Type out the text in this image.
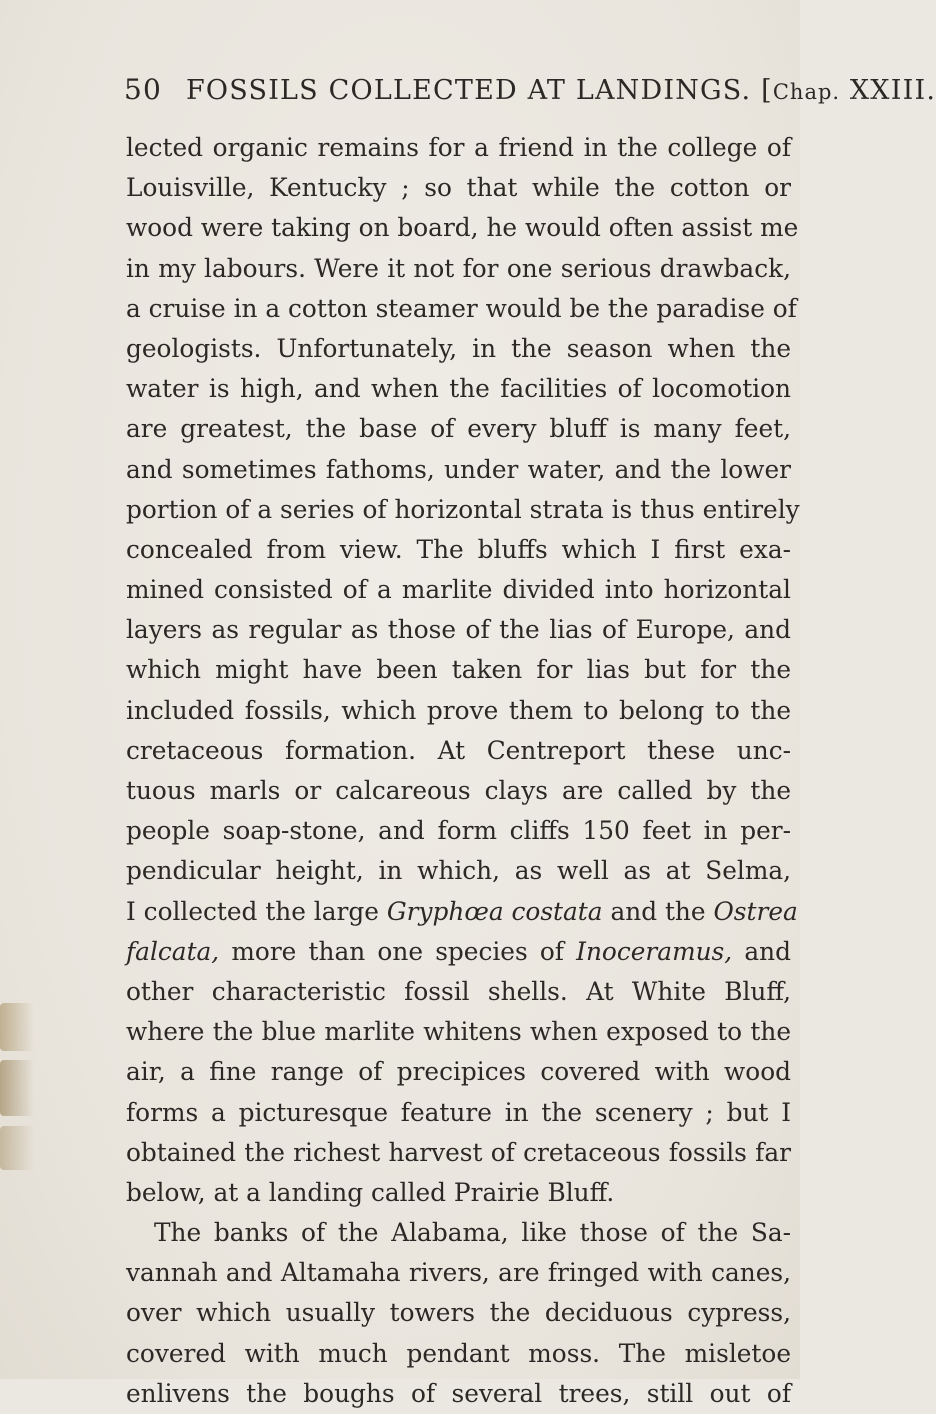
50 FOSSILS COLLECTED AT LANDINGS. [Chap. XXIII.
lected organic remains for a friend in the college of
Louisville, Kentucky ; so that while the cotton or
wood were taking on board, he would often assist me
in my labours. Were it not for one serious drawback,
a cruise in a cotton steamer would be the paradise of
geologists. Unfortunately, in the season when the
water is high, and when the facilities of locomotion
are greatest, the base of every bluff is many feet,
and sometimes fathoms, under water, and the lower
portion of a series of horizontal strata is thus entirely
concealed from view. The bluffs which I first exa-
mined consisted of a marlite divided into horizontal
layers as regular as those of the lias of Europe, and
which might have been taken for lias but for the
included fossils, which prove them to belong to the
cretaceous formation. At Centreport these unc-
tuous marls or calcareous clays are called by the
people soap-stone, and form cliffs 150 feet in per-
pendicular height, in which, as well as at Selma,
I collected the large Gryphœa costata and the Ostrea
falcata, more than one species of Inoceramus, and
other characteristic fossil shells. At White Bluff,
where the blue marlite whitens when exposed to the
air, a fine range of precipices covered with wood
forms a picturesque feature in the scenery ; but I
obtained the richest harvest of cretaceous fossils far
below, at a landing called Prairie Bluff.
The banks of the Alabama, like those of the Sa-
vannah and Altamaha rivers, are fringed with canes,
over which usually towers the deciduous cypress,
covered with much pendant moss. The misletoe
enlivens the boughs of several trees, still out of
